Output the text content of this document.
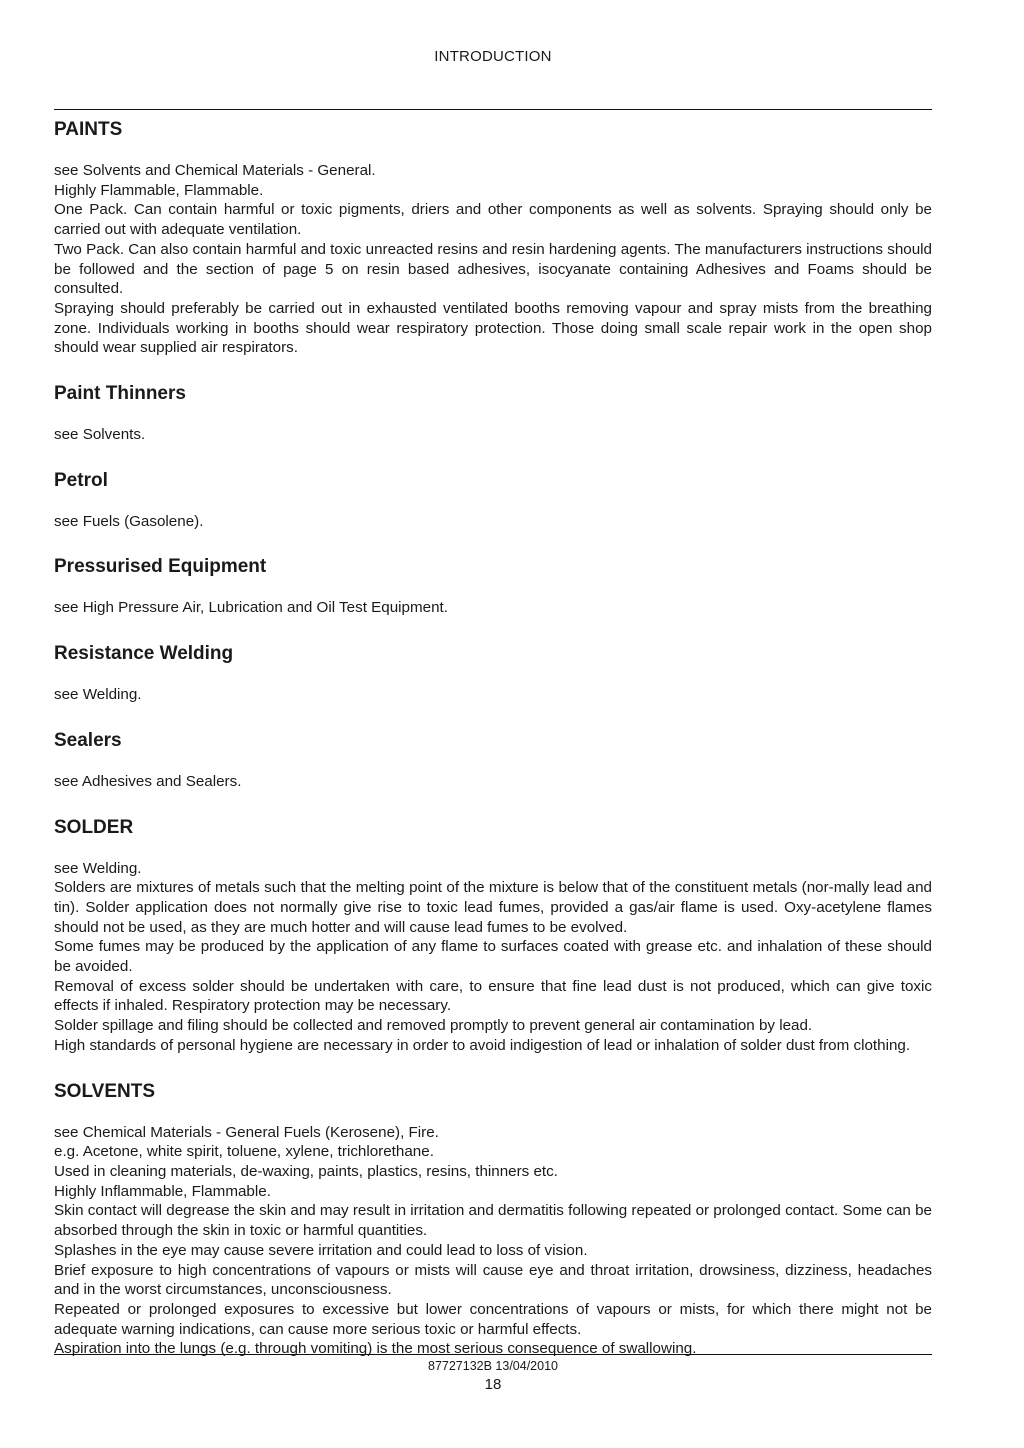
INTRODUCTION
PAINTS

see Solvents and Chemical Materials - General.

Highly Flammable, Flammable.

One Pack. Can contain harmful or toxic pigments, driers and other components as well as solvents. Spraying should only be carried out with adequate ventilation.

Two Pack. Can also contain harmful and toxic unreacted resins and resin hardening agents. The manufacturers instructions should be followed and the section of page 5 on resin based adhesives, isocyanate containing Adhesives and Foams should be consulted.

Spraying should preferably be carried out in exhausted ventilated booths removing vapour and spray mists from the breathing zone. Individuals working in booths should wear respiratory protection. Those doing small scale repair work in the open shop should wear supplied air respirators.

Paint Thinners

see Solvents.

Petrol

see Fuels (Gasolene).

Pressurised Equipment

see High Pressure Air, Lubrication and Oil Test Equipment.

Resistance Welding

see Welding.

Sealers

see Adhesives and Sealers.

SOLDER

see Welding.

Solders are mixtures of metals such that the melting point of the mixture is below that of the constituent metals (nor-mally lead and tin). Solder application does not normally give rise to toxic lead fumes, provided a gas/air flame is used. Oxy-acetylene flames should not be used, as they are much hotter and will cause lead fumes to be evolved.

Some fumes may be produced by the application of any flame to surfaces coated with grease etc. and inhalation of these should be avoided.

Removal of excess solder should be undertaken with care, to ensure that fine lead dust is not produced, which can give toxic effects if inhaled. Respiratory protection may be necessary.

Solder spillage and filing should be collected and removed promptly to prevent general air contamination by lead.

High standards of personal hygiene are necessary in order to avoid indigestion of lead or inhalation of solder dust from clothing.

SOLVENTS

see Chemical Materials - General Fuels (Kerosene), Fire.

e.g. Acetone, white spirit, toluene, xylene, trichlorethane.

Used in cleaning materials, de-waxing, paints, plastics, resins, thinners etc.

Highly Inflammable, Flammable.

Skin contact will degrease the skin and may result in irritation and dermatitis following repeated or prolonged contact. Some can be absorbed through the skin in toxic or harmful quantities.

Splashes in the eye may cause severe irritation and could lead to loss of vision.

Brief exposure to high concentrations of vapours or mists will cause eye and throat irritation, drowsiness, dizziness, headaches and in the worst circumstances, unconsciousness.

Repeated or prolonged exposures to excessive but lower concentrations of vapours or mists, for which there might not be adequate warning indications, can cause more serious toxic or harmful effects.

Aspiration into the lungs (e.g. through vomiting) is the most serious consequence of swallowing.

87727132B 13/04/2010
18
